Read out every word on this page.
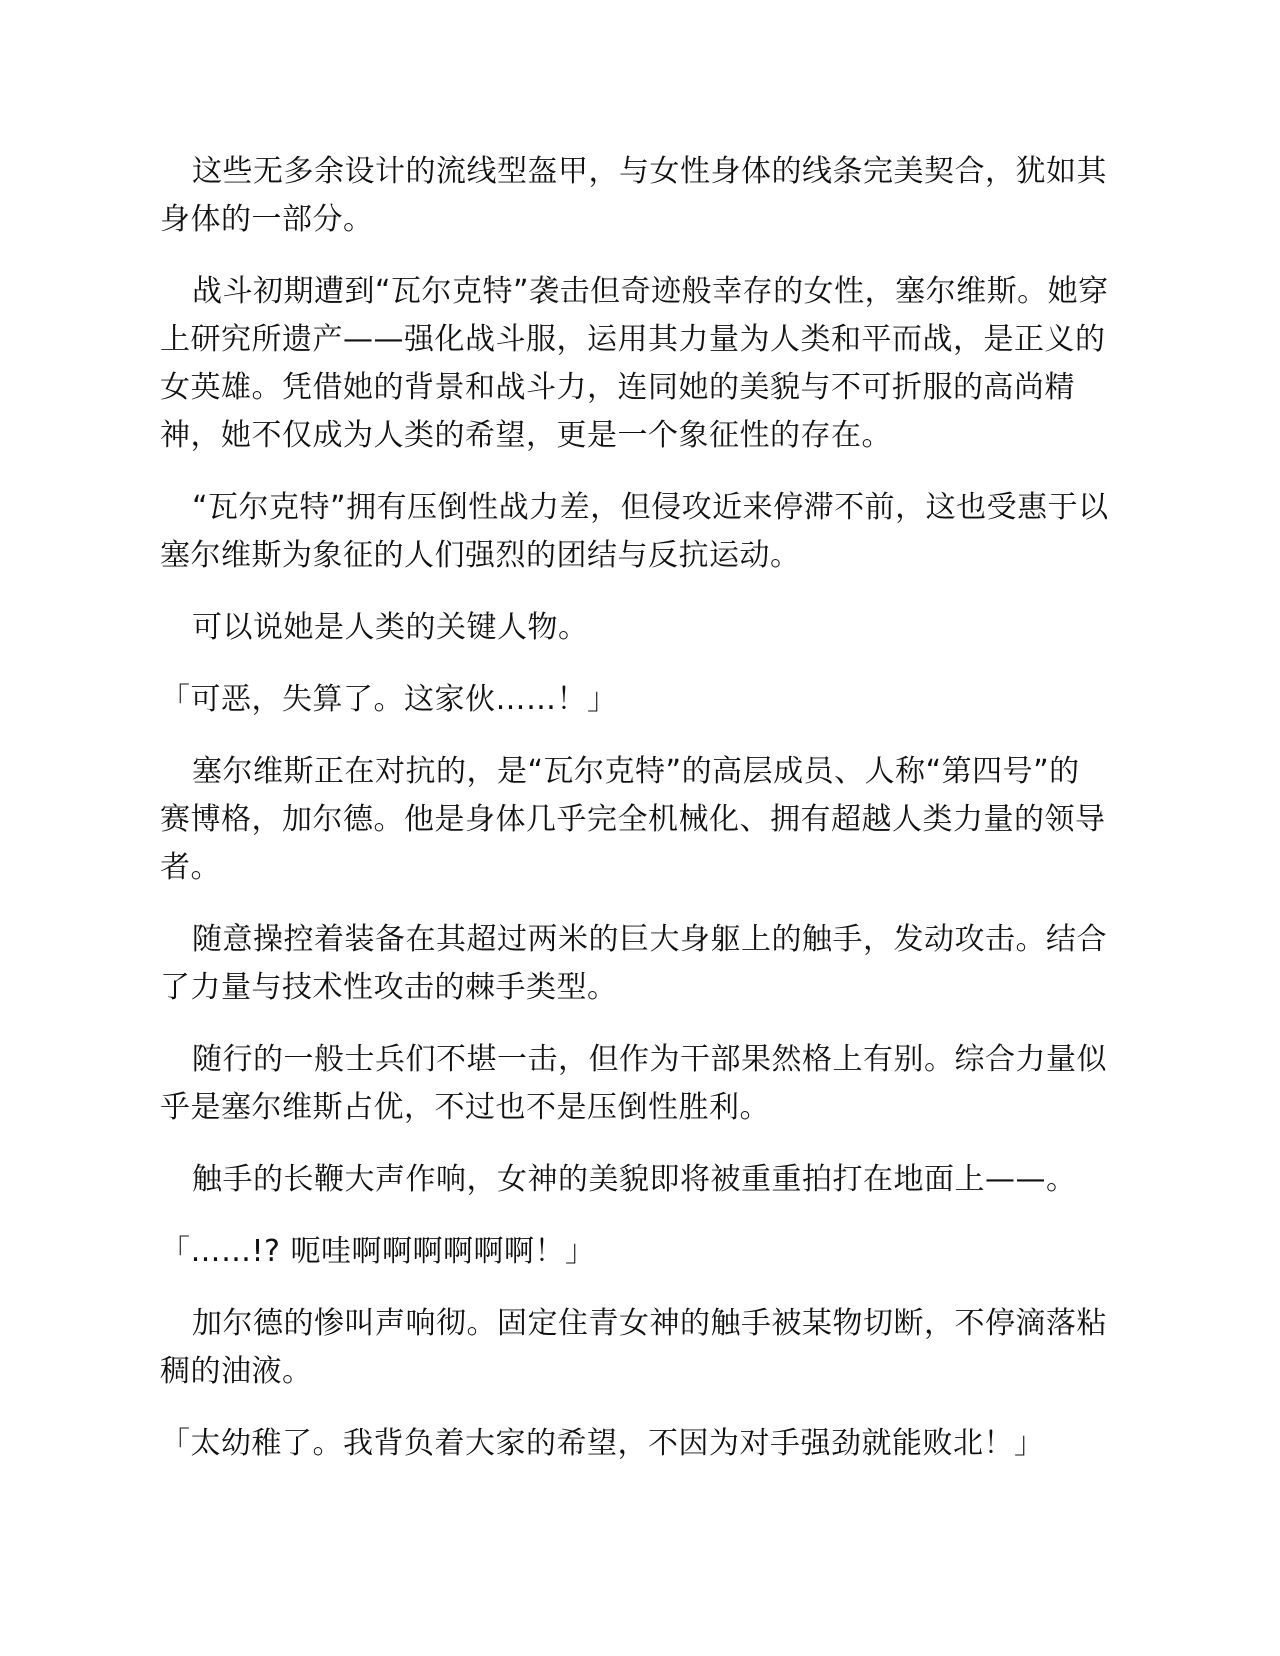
这些无多余设计的流线型盔甲，与女性身体的线条完美契合，犹如其身体的一部分。

战斗初期遭到“瓦尔克特”袭击但奇迹般幸存的女性，塞尔维斯。她穿上研究所遗产——强化战斗服，运用其力量为人类和平而战，是正义的女英雄。凭借她的背景和战斗力，连同她的美貌与不可折服的高尚精神，她不仅成为人类的希望，更是一个象征性的存在。

“瓦尔克特”拥有压倒性战力差，但侵攻近来停滞不前，这也受惠于以塞尔维斯为象征的人们强烈的团结与反抗运动。

可以说她是人类的关键人物。

「可恶，失算了。这家伙……！」

塞尔维斯正在对抗的，是“瓦尔克特”的高层成员、人称“第四号”的赛博格，加尔德。他是身体几乎完全机械化、拥有超越人类力量的领导者。

随意操控着装备在其超过两米的巨大身躯上的触手，发动攻击。结合了力量与技术性攻击的棘手类型。

随行的一般士兵们不堪一击，但作为干部果然格上有别。综合力量似乎是塞尔维斯占优，不过也不是压倒性胜利。

触手的长鞭大声作响，女神的美貌即将被重重拍打在地面上——。

「……!? 呃哇啊啊啊啊啊啊！」

加尔德的惨叫声响彻。固定住青女神的触手被某物切断，不停滴落粘稠的油液。

「太幼稚了。我背负着大家的希望，不因为对手强劲就能败北！」
